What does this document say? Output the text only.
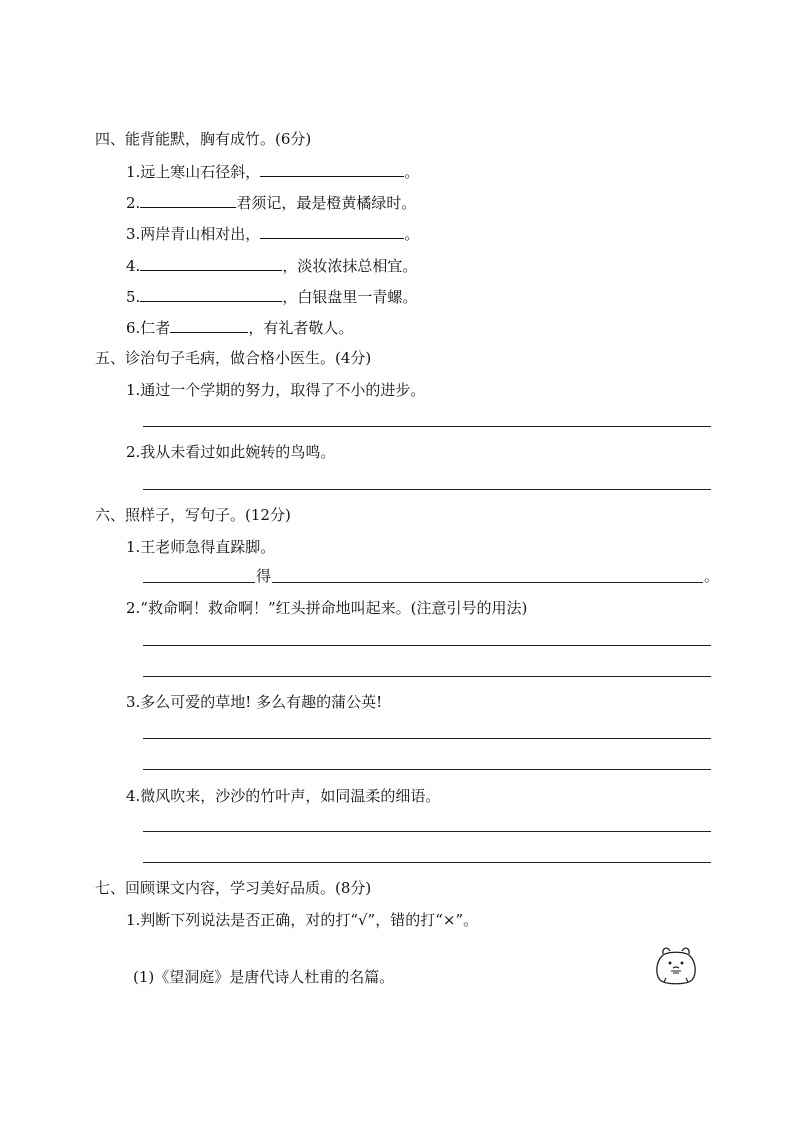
四、能背能默，胸有成竹。(6分)
1.远上寒山石径斜，	。
2.	君须记，最是橙黄橘绿时。
3.两岸青山相对出，	。
4.	，淡妆浓抹总相宜。
5.	，白银盘里一青螺。
6.仁者	，有礼者敬人。
五、诊治句子毛病，做合格小医生。(4分)
1.通过一个学期的努力，取得了不小的进步。
2.我从未看过如此婉转的鸟鸣。
六、照样子，写句子。(12分)
1.王老师急得直跺脚。
得	。
2.“救命啊！救命啊！”红头拼命地叫起来。(注意引号的用法)
3.多么可爱的草地! 多么有趣的蒲公英!
4.微风吹来，沙沙的竹叶声，如同温柔的细语。
七、回顾课文内容，学习美好品质。(8分)
1.判断下列说法是否正确，对的打“√”，错的打“×”。
(1)《望洞庭》是唐代诗人杜甫的名篇。
